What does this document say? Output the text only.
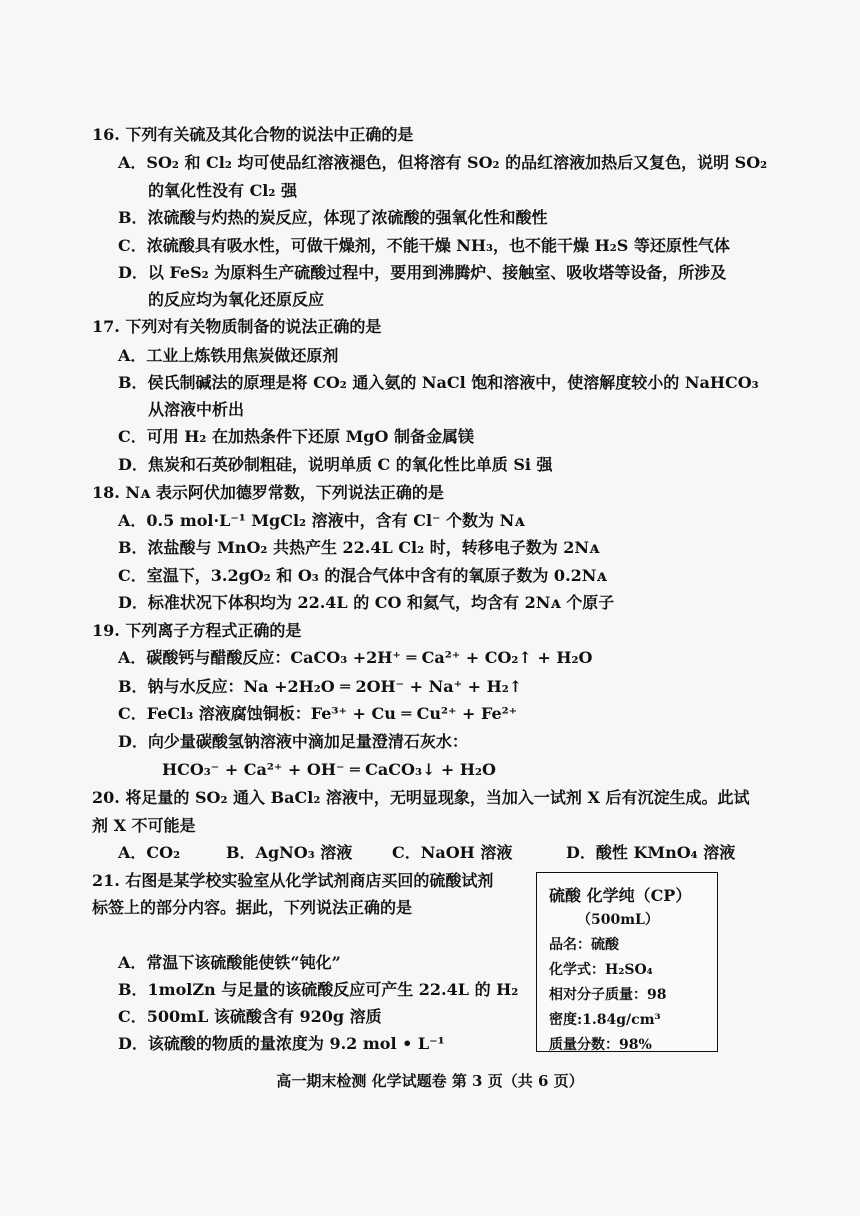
16. 下列有关硫及其化合物的说法中正确的是
A．SO₂ 和 Cl₂ 均可使品红溶液褪色，但将溶有 SO₂ 的品红溶液加热后又复色，说明 SO₂
的氧化性没有 Cl₂ 强
B．浓硫酸与灼热的炭反应，体现了浓硫酸的强氧化性和酸性
C．浓硫酸具有吸水性，可做干燥剂，不能干燥 NH₃，也不能干燥 H₂S 等还原性气体
D．以 FeS₂ 为原料生产硫酸过程中，要用到沸腾炉、接触室、吸收塔等设备，所涉及
的反应均为氧化还原反应
17. 下列对有关物质制备的说法正确的是
A．工业上炼铁用焦炭做还原剂
B．侯氏制碱法的原理是将 CO₂ 通入氨的 NaCl 饱和溶液中，使溶解度较小的 NaHCO₃
从溶液中析出
C．可用 H₂ 在加热条件下还原 MgO 制备金属镁
D．焦炭和石英砂制粗硅，说明单质 C 的氧化性比单质 Si 强
18. Nᴀ 表示阿伏加德罗常数，下列说法正确的是
A．0.5 mol·L⁻¹ MgCl₂ 溶液中，含有 Cl⁻ 个数为 Nᴀ
B．浓盐酸与 MnO₂ 共热产生 22.4L Cl₂ 时，转移电子数为 2Nᴀ
C．室温下，3.2gO₂ 和 O₃ 的混合气体中含有的氧原子数为 0.2Nᴀ
D．标准状况下体积均为 22.4L 的 CO 和氦气，均含有 2Nᴀ 个原子
19. 下列离子方程式正确的是
A．碳酸钙与醋酸反应：CaCO₃ +2H⁺ ═ Ca²⁺ + CO₂↑ + H₂O
B．钠与水反应：Na +2H₂O ═ 2OH⁻ + Na⁺ + H₂↑
C．FeCl₃ 溶液腐蚀铜板：Fe³⁺ + Cu ═ Cu²⁺ + Fe²⁺
D．向少量碳酸氢钠溶液中滴加足量澄清石灰水：
HCO₃⁻ + Ca²⁺ + OH⁻ ═ CaCO₃↓ + H₂O
20. 将足量的 SO₂ 通入 BaCl₂ 溶液中，无明显现象，当加入一试剂 X 后有沉淀生成。此试
剂 X 不可能是
A．CO₂	B．AgNO₃ 溶液 C．NaOH 溶液	D．酸性 KMnO₄ 溶液
21. 右图是某学校实验室从化学试剂商店买回的硫酸试剂
标签上的部分内容。据此，下列说法正确的是
A．常温下该硫酸能使铁“钝化”
B．1molZn 与足量的该硫酸反应可产生 22.4L 的 H₂
C．500mL 该硫酸含有 920g 溶质
D．该硫酸的物质的量浓度为 9.2 mol • L⁻¹
硫酸 化学纯（CP）
（500mL）
品名：硫酸
化学式：H₂SO₄
相对分子质量：98
密度:1.84g/cm³
质量分数：98%
高一期末检测 化学试题卷 第 3 页（共 6 页）
